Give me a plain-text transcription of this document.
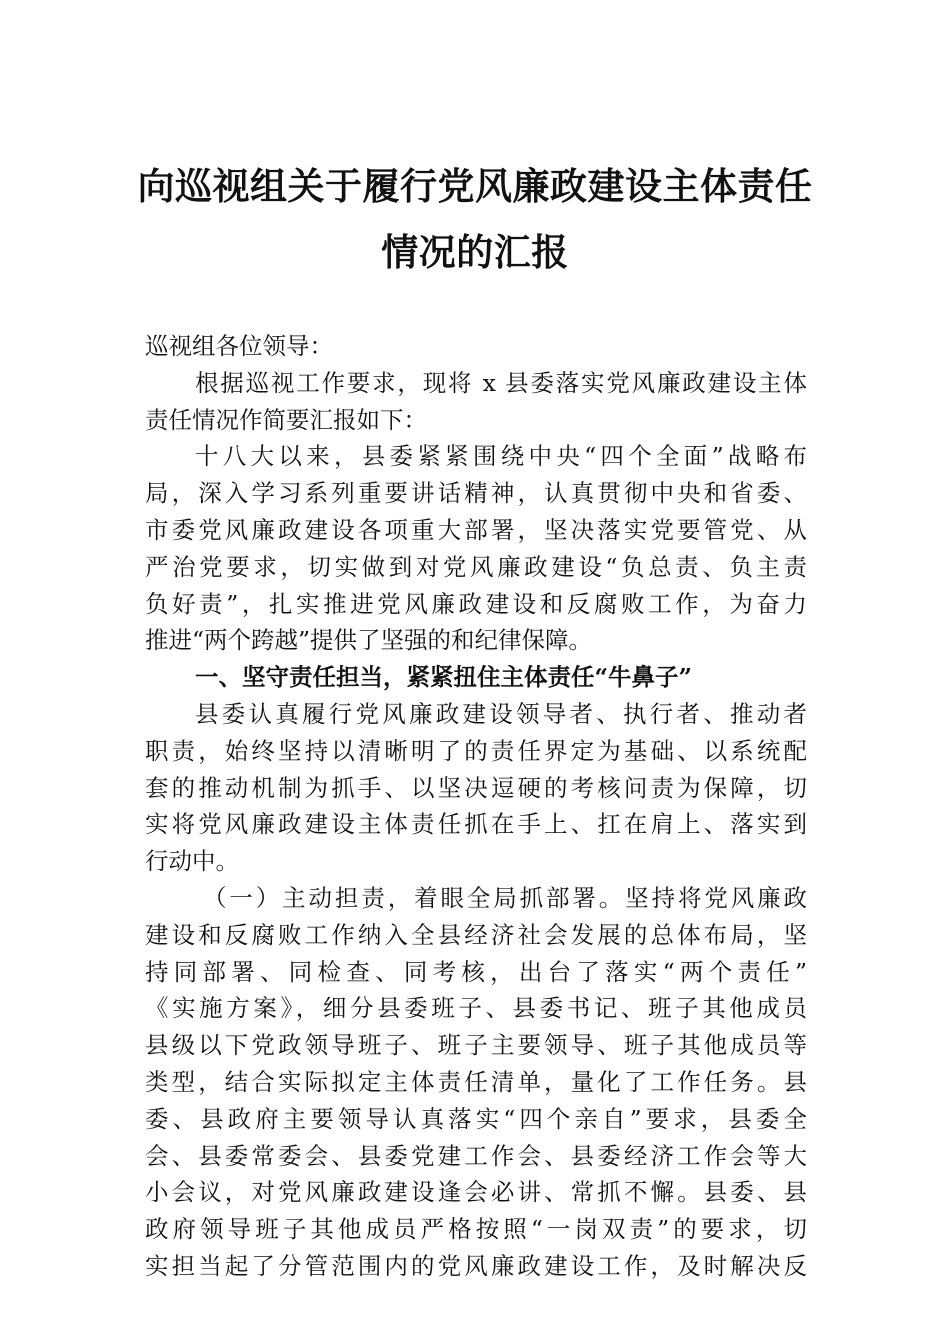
向巡视组关于履行党风廉政建设主体责任
情况的汇报
巡视组各位领导：
根据巡视工作要求，现将 x 县委落实党风廉政建设主体
责任情况作简要汇报如下：
十八大以来，县委紧紧围绕中央“四个全面”战略布
局，深入学习系列重要讲话精神，认真贯彻中央和省委、
市委党风廉政建设各项重大部署，坚决落实党要管党、从
严治党要求，切实做到对党风廉政建设“负总责、负主责
负好责”，扎实推进党风廉政建设和反腐败工作，为奋力
推进“两个跨越”提供了坚强的和纪律保障。
一、坚守责任担当，紧紧扭住主体责任“牛鼻子”
县委认真履行党风廉政建设领导者、执行者、推动者
职责，始终坚持以清晰明了的责任界定为基础、以系统配
套的推动机制为抓手、以坚决逗硬的考核问责为保障，切
实将党风廉政建设主体责任抓在手上、扛在肩上、落实到
行动中。
（一）主动担责，着眼全局抓部署。坚持将党风廉政
建设和反腐败工作纳入全县经济社会发展的总体布局，坚
持同部署、同检查、同考核，出台了落实“两个责任”
《实施方案》，细分县委班子、县委书记、班子其他成员
县级以下党政领导班子、班子主要领导、班子其他成员等
类型，结合实际拟定主体责任清单，量化了工作任务。县
委、县政府主要领导认真落实“四个亲自”要求，县委全
会、县委常委会、县委党建工作会、县委经济工作会等大
小会议，对党风廉政建设逢会必讲、常抓不懈。县委、县
政府领导班子其他成员严格按照“一岗双责”的要求，切
实担当起了分管范围内的党风廉政建设工作，及时解决反
